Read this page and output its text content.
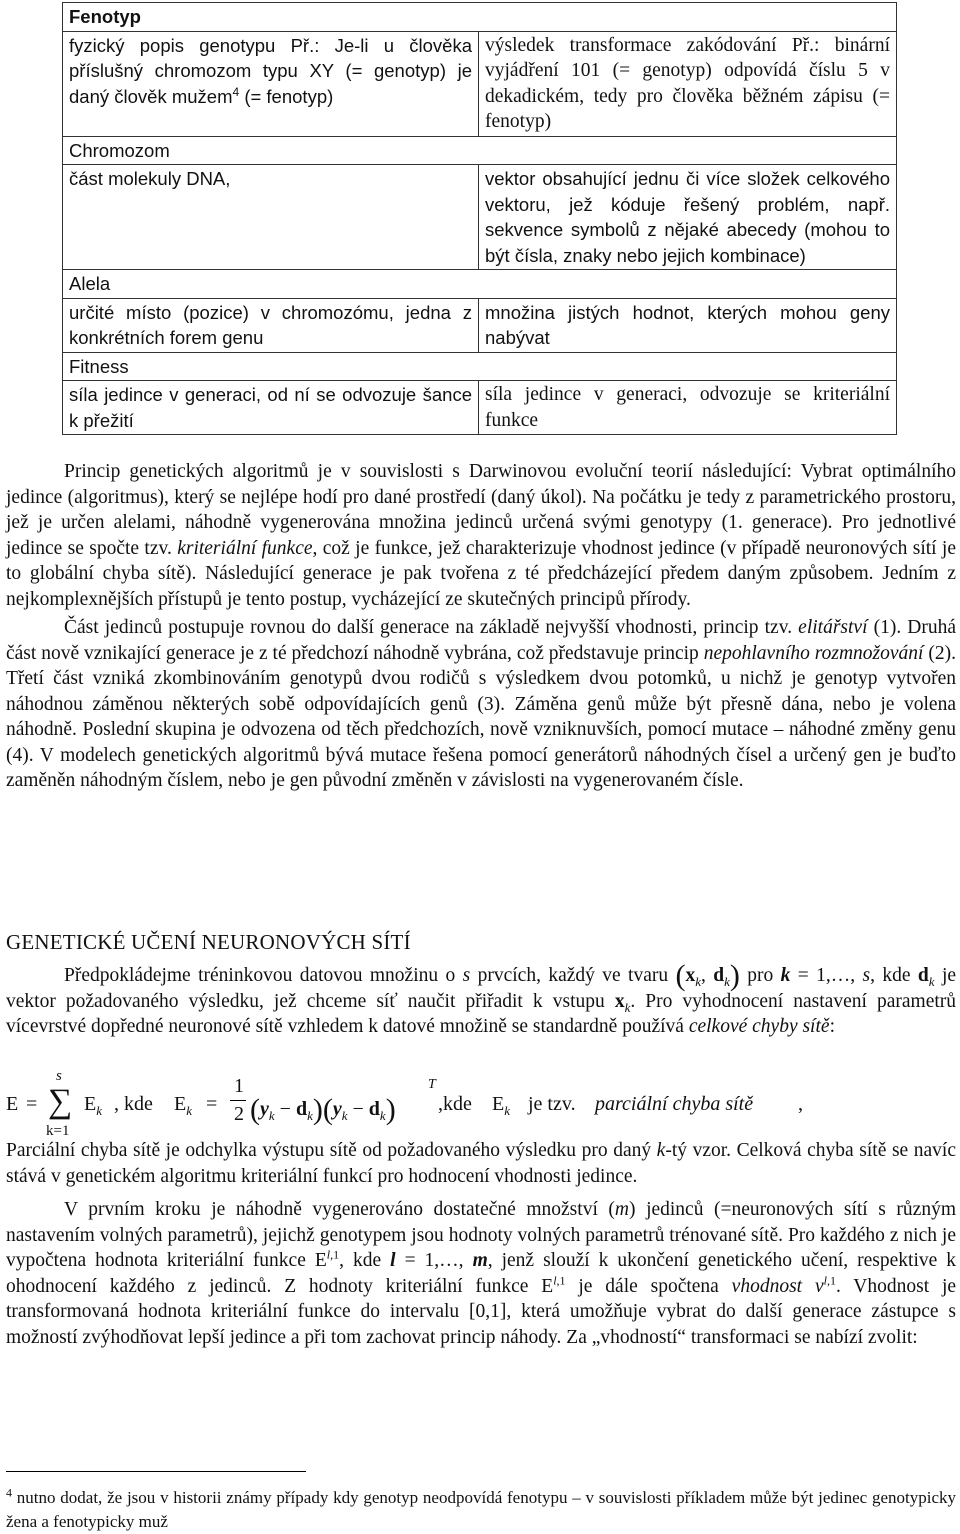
Fenotyp	
fyzický popis genotypu Př.: Je-li u člověka příslušný chromozom typu XY (= genotyp) je daný člověk mužem$^4$ (= fenotyp)	výsledek transformace zakódování Př.: binární vyjádření 101 (= genotyp) odpovídá číslu 5 v dekadickém, tedy pro člověka běžném zápisu (= fenotyp)
Chromozom	
část molekuly DNA,	vektor obsahující jednu či více složek celkového vektoru, jež kóduje řešený problém, např. sekvence symbolů z nějaké abecedy (mohou to být čísla, znaky nebo jejich kombinace)
Alela	
určité místo (pozice) v chromozómu, jedna z konkrétních forem genu	množina jistých hodnot, kterých mohou geny nabývat
Fitness	
síla jedince v generaci, od ní se odvozuje šance k přežití	síla jedince v generaci, odvozuje se kriteriální funkce

Princip genetických algoritmů je v souvislosti s Darwinovou evoluční teorií následující: Vybrat optimálního jedince (algoritmus), který se nejlépe hodí pro dané prostředí (daný úkol). Na počátku je tedy z parametrického prostoru, jež je určen alelami, náhodně vygenerována množina jedinců určená svými genotypy (1. generace). Pro jednotlivé jedince se spočte tzv. kriteriální funkce, což je funkce, jež charakterizuje vhodnost jedince (v případě neuronových sítí je to globální chyba sítě). Následující generace je pak tvořena z té předcházející předem daným způsobem. Jedním z nejkomplexnějších přístupů je tento postup, vycházející ze skutečných principů přírody.

Část jedinců postupuje rovnou do další generace na základě nejvyšší vhodnosti, princip tzv. elitářství (1). Druhá část nově vznikající generace je z té předchozí náhodně vybrána, což představuje princip nepohlavního rozmnožování (2). Třetí část vzniká zkombinováním genotypů dvou rodičů s výsledkem dvou potomků, u nichž je genotyp vytvořen náhodnou záměnou některých sobě odpovídajících genů (3). Záměna genů může být přesně dána, nebo je volena náhodně. Poslední skupina je odvozena od těch předchozích, nově vzniknuvších, pomocí mutace – náhodné změny genu (4). V modelech genetických algoritmů bývá mutace řešena pomocí generátorů náhodných čísel a určený gen je buďto zaměněn náhodným číslem, nebo je gen původní změněn v závislosti na vygenerovaném čísle.

GENETICKÉ UČENÍ NEURONOVÝCH SÍTÍ

Předpokládejme tréninkovou datovou množinu o s prvcích, každý ve tvaru ($x_k$, $d_k$) pro k = 1,…, s, kde $d_k$ je vektor požadovaného výsledku, jež chceme síť naučit přiřadit k vstupu $x_k$. Pro vyhodnocení nastavení parametrů vícevrstvé dopředné neuronové sítě vzhledem k datové množině se standardně používá celkové chyby sítě:

E =
s
∑
k=1
$E_k$ , kde $E_k$ =
1
2 $(y_k - d_k)(y_k - d_k)$
T
,kde $E_k$ je tzv. parciální chyba sítě ,

Parciální chyba sítě je odchylka výstupu sítě od požadovaného výsledku pro daný k-tý vzor. Celková chyba sítě se navíc stává v genetickém algoritmu kriteriální funkcí pro hodnocení vhodnosti jedince.

V prvním kroku je náhodně vygenerováno dostatečné množství (m) jedinců (=neuronových sítí s různým nastavením volných parametrů), jejichž genotypem jsou hodnoty volných parametrů trénované sítě. Pro každého z nich je vypočtena hodnota kriteriální funkce E$^{l,1}$, kde l = 1,…, m, jenž slouží k ukončení genetického učení, respektive k ohodnocení každého z jedinců. Z hodnoty kriteriální funkce E$^{l,1}$ je dále spočtena vhodnost $v^{l,1}$. Vhodnost je transformovaná hodnota kriteriální funkce do intervalu [0,1], která umožňuje vybrat do další generace zástupce s možností zvýhodňovat lepší jedince a při tom zachovat princip náhody. Za „vhodností“ transformaci se nabízí zvolit:

$^4$ nutno dodat, že jsou v historii známy případy kdy genotyp neodpovídá fenotypu – v souvislosti příkladem může být jedinec genotypicky žena a fenotypicky muž
